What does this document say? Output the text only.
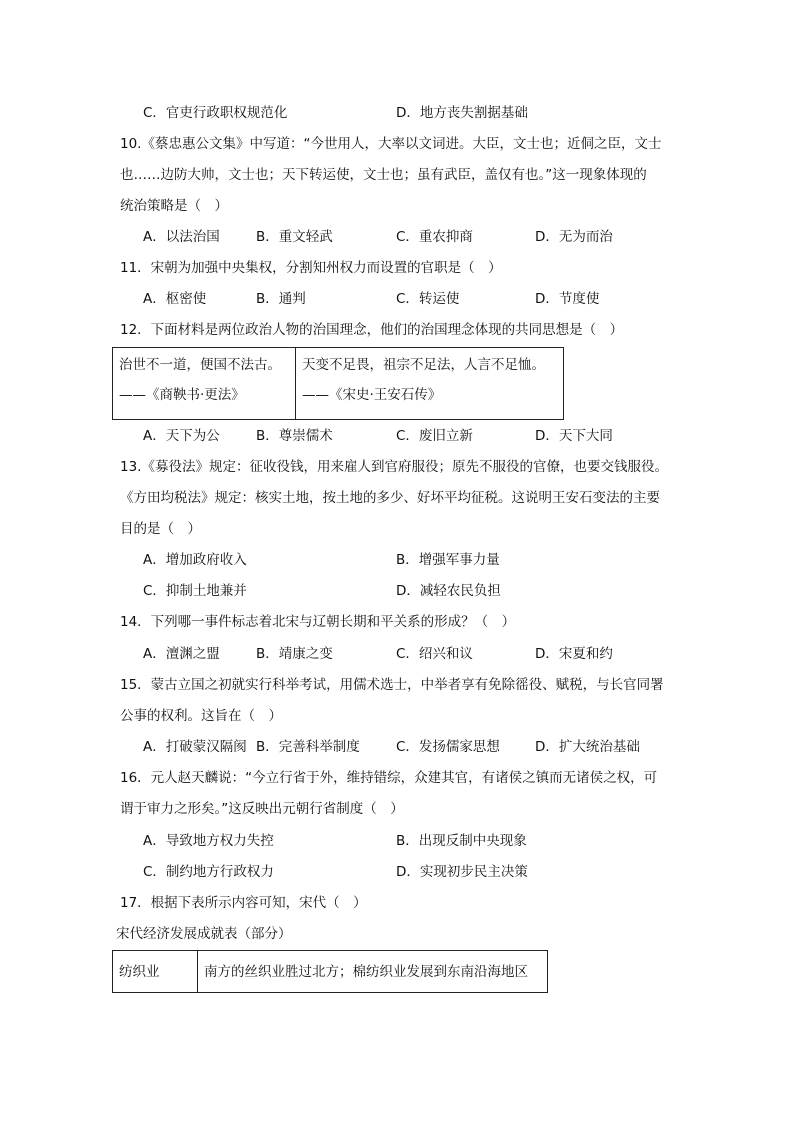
C．官吏行政职权规范化	D．地方丧失割据基础
10.《蔡忠惠公文集》中写道：“今世用人，大率以文词进。大臣，文士也；近侗之臣，文士
也……边防大帅，文士也；天下转运使，文士也；虽有武臣，盖仅有也。”这一现象体现的
统治策略是（　）
A．以法治国	B．重文轻武	C．重农抑商	D．无为而治
11．宋朝为加强中央集权，分割知州权力而设置的官职是（　）
A．枢密使	B．通判	C．转运使	D．节度使
12．下面材料是两位政治人物的治国理念，他们的治国理念体现的共同思想是（　）
治世不一道，便国不法古。
——《商鞅书·更法》

天变不足畏，祖宗不足法，人言不足恤。
——《宋史·王安石传》
A．天下为公	B．尊崇儒术	C．废旧立新	D．天下大同
13.《募役法》规定：征收役钱，用来雇人到官府服役；原先不服役的官僚，也要交钱服役。
《方田均税法》规定：核实土地，按土地的多少、好坏平均征税。这说明王安石变法的主要
目的是（　）
A．增加政府收入	B．增强军事力量
C．抑制土地兼并	D．减轻农民负担
14．下列哪一事件标志着北宋与辽朝长期和平关系的形成？（　）
A．澶渊之盟	B．靖康之变	C．绍兴和议	D．宋夏和约
15．蒙古立国之初就实行科举考试，用儒术选士，中举者享有免除徭役、赋税，与长官同署
公事的权利。这旨在（　）
A．打破蒙汉隔阂 B．完善科举制度	C．发扬儒家思想	D．扩大统治基础
16．元人赵天麟说：“今立行省于外，维持错综，众建其官，有诸侯之镇而无诸侯之权，可
谓于审力之形矣。”这反映出元朝行省制度（　）
A．导致地方权力失控	B．出现反制中央现象
C．制约地方行政权力	D．实现初步民主决策
17．根据下表所示内容可知，宋代（　）
宋代经济发展成就表（部分）
纺织业	南方的丝织业胜过北方；棉纺织业发展到东南沿海地区
